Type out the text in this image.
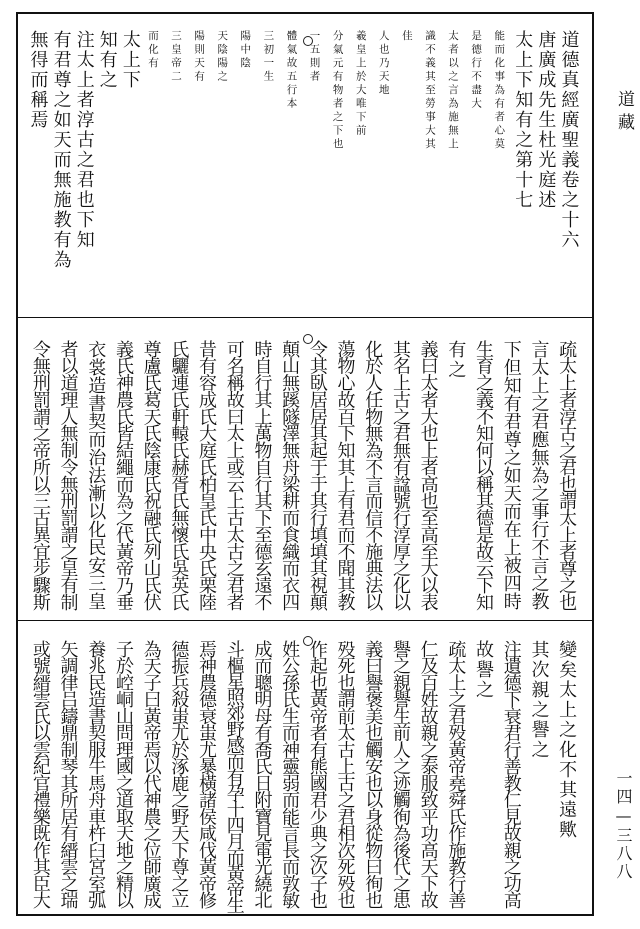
道藏
一四—三八八
道德真經廣聖義卷之十六
唐廣成先生杜光庭述
太上下知有之第十七
能而化事為有者心莫
是德行不盡大
太者以之言為施無上
識不義其至勞事大其
佳
人也乃天地
羲皇上於大唯下前
分氣元有物者之下也
一五則者
體氣故五行本
三初一生
陽中陰
天陰陽之
陽則天有
三皇帝二
而化有
太上下
知有之
注太上者淳古之君也下知
有君尊之如天而無施教有為
無得而稱焉
疏太上者淳古之君也謂太上者尊之也
言太上之君應無為之事行不言之教
下但知有君尊之如天而在上被四時
生育之義不知何以稱其德是故云下知
有之
義曰太者大也上者高也至高至大以表
其名上古之君無有諡號行淳厚之化以
化於人任物無為不言而信不施典法以
蕩物心故百下知其上有君而不聞其教
令其臥居居其起于于其行填填其視顛
顛山無蹊隧澤無舟梁耕而食織而衣四
時自行其上萬物自行其下至德玄遠不
可名稱故曰太上或云上古太古之君者
昔有容成氏大庭氏柏皇氏中央氏栗陸
氏驪連氏軒轅氏赫胥氏無懷氏吳英氏
尊盧氏葛天氏陰康氏祝融氏列山氏伏
義氏神農氏皆結繩而為之代黃帝乃垂
衣裳造書契而治法漸以化民安三皇
者以道理人無制令無刑罰謂之皇有制
令無刑罰謂之帝所以三古異宜步驟斯
變矣太上之化不其遠歟
其次親之譽之
注遺德下衰君行善教仁見故親之功高
故譽之
疏太上之君殁黃帝堯舜氏作施教行善
仁及百姓故親之泰服致平功高天下故
譽之親譽生前人之迹觸徇為後代之患
義曰譽褒美也觸安也以身從物曰徇也
殁死也謂前太古上古之君相次死殁也
作起也黃帝者有熊國君少典之次子也
姓公孫氏生而神靈弱而能言長而敦敏
成而聰明母有喬氏日附寶見電光繞北
斗樞星照郊野感而有孕十四月而黃帝生
焉神農德衰蚩尤暴橫諸侯咸伐黃帝修
德振兵殺蚩尤於涿鹿之野天下尊之立
為天子曰黃帝焉以代神農之位師廣成
子於崆峒山問理國之道取天地之精以
養兆民造書契服牛馬舟車杵臼宮室弧
矢調律吕鑄鼎制琴其所居有縉雲之瑞
或號縉雲氏以雲紀官禮樂既作其臣大
